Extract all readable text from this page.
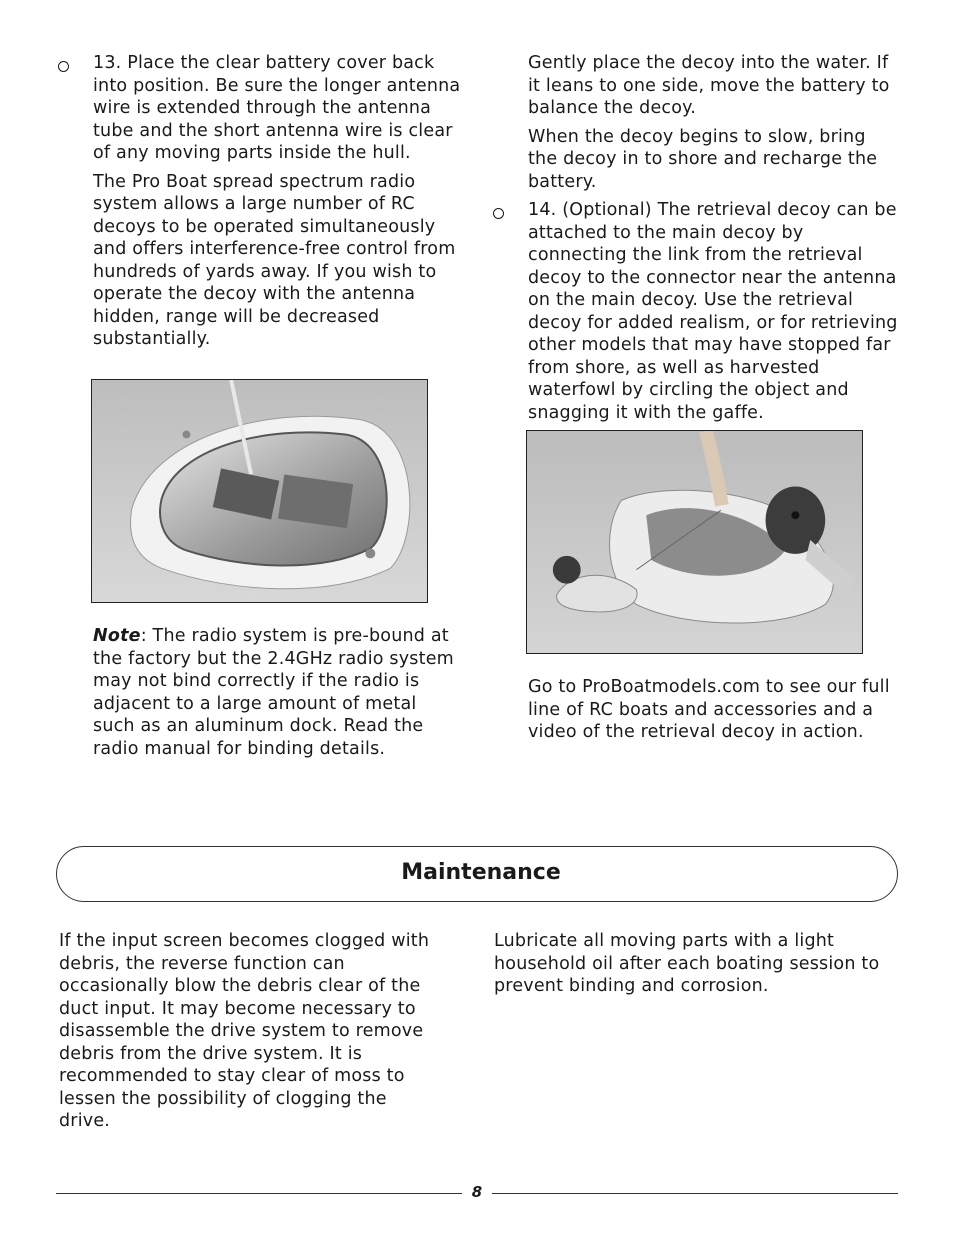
13. Place the clear battery cover back into position. Be sure the longer antenna wire is extended through the antenna tube and the short antenna wire is clear of any moving parts inside the hull.

The Pro Boat spread spectrum radio system allows a large number of RC decoys to be operated simultaneously and offers interference-free control from hundreds of yards away. If you wish to operate the decoy with the antenna hidden, range will be decreased substantially.

Note: The radio system is pre-bound at the factory but the 2.4GHz radio system may not bind correctly if the radio is adjacent to a large amount of metal such as an aluminum dock. Read the radio manual for binding details.

Gently place the decoy into the water. If it leans to one side, move the battery to balance the decoy.

When the decoy begins to slow, bring the decoy in to shore and recharge the battery.

14. (Optional) The retrieval decoy can be attached to the main decoy by connecting the link from the retrieval decoy to the connector near the antenna on the main decoy. Use the retrieval decoy for added realism, or for retrieving other models that may have stopped far from shore, as well as harvested waterfowl by circling the object and snagging it with the gaffe.

Go to ProBoatmodels.com to see our full line of RC boats and accessories and a video of the retrieval decoy in action.

Maintenance

If the input screen becomes clogged with debris, the reverse function can occasionally blow the debris clear of the duct input. It may become necessary to disassemble the drive system to remove debris from the drive system. It is recommended to stay clear of moss to lessen the possibility of clogging the drive.

Lubricate all moving parts with a light household oil after each boating session to prevent binding and corrosion.

8
